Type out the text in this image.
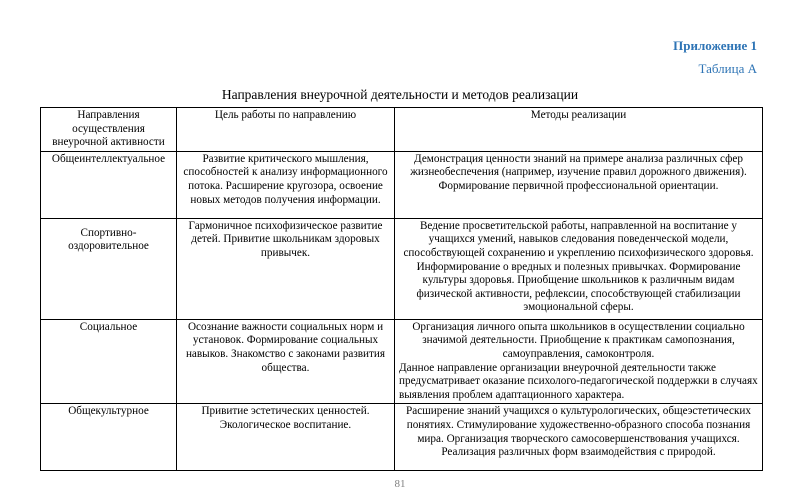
Приложение 1
Таблица А
Направления внеурочной деятельности и методов реализации
Направления осуществления внеурочной активности	Цель работы по направлению	Методы реализации
Общеинтеллектуальное	Развитие критического мышления, способностей к анализу информационного потока. Расширение кругозора, освоение новых методов получения информации.	Демонстрация ценности знаний на примере анализа различных сфер жизнеобеспечения (например, изучение правил дорожного движения). Формирование первичной профессиональной ориентации.
Спортивно-оздоровительное	Гармоничное психофизическое развитие детей. Привитие школьникам здоровых привычек.	Ведение просветительской работы, направленной на воспитание у учащихся умений, навыков следования поведенческой модели, способствующей сохранению и укреплению психофизического здоровья. Информирование о вредных и полезных привычках. Формирование культуры здоровья. Приобщение школьников к различным видам физической активности, рефлексии, способствующей стабилизации эмоциональной сферы.
Социальное	Осознание важности социальных норм и установок. Формирование социальных навыков. Знакомство с законами развития общества.	Организация личного опыта школьников в осуществлении социально значимой деятельности. Приобщение к практикам самопознания, самоуправления, самоконтроля.
Данное направление организации внеурочной деятельности также предусматривает оказание психолого-педагогической поддержки в случаях выявления проблем адаптационного характера.

Общекультурное	Привитие эстетических ценностей. Экологическое воспитание.	Расширение знаний учащихся о культурологических, общеэстетических понятиях. Стимулирование художественно-образного способа познания мира. Организация творческого самосовершенствования учащихся. Реализация различных форм взаимодействия с природой.
81
